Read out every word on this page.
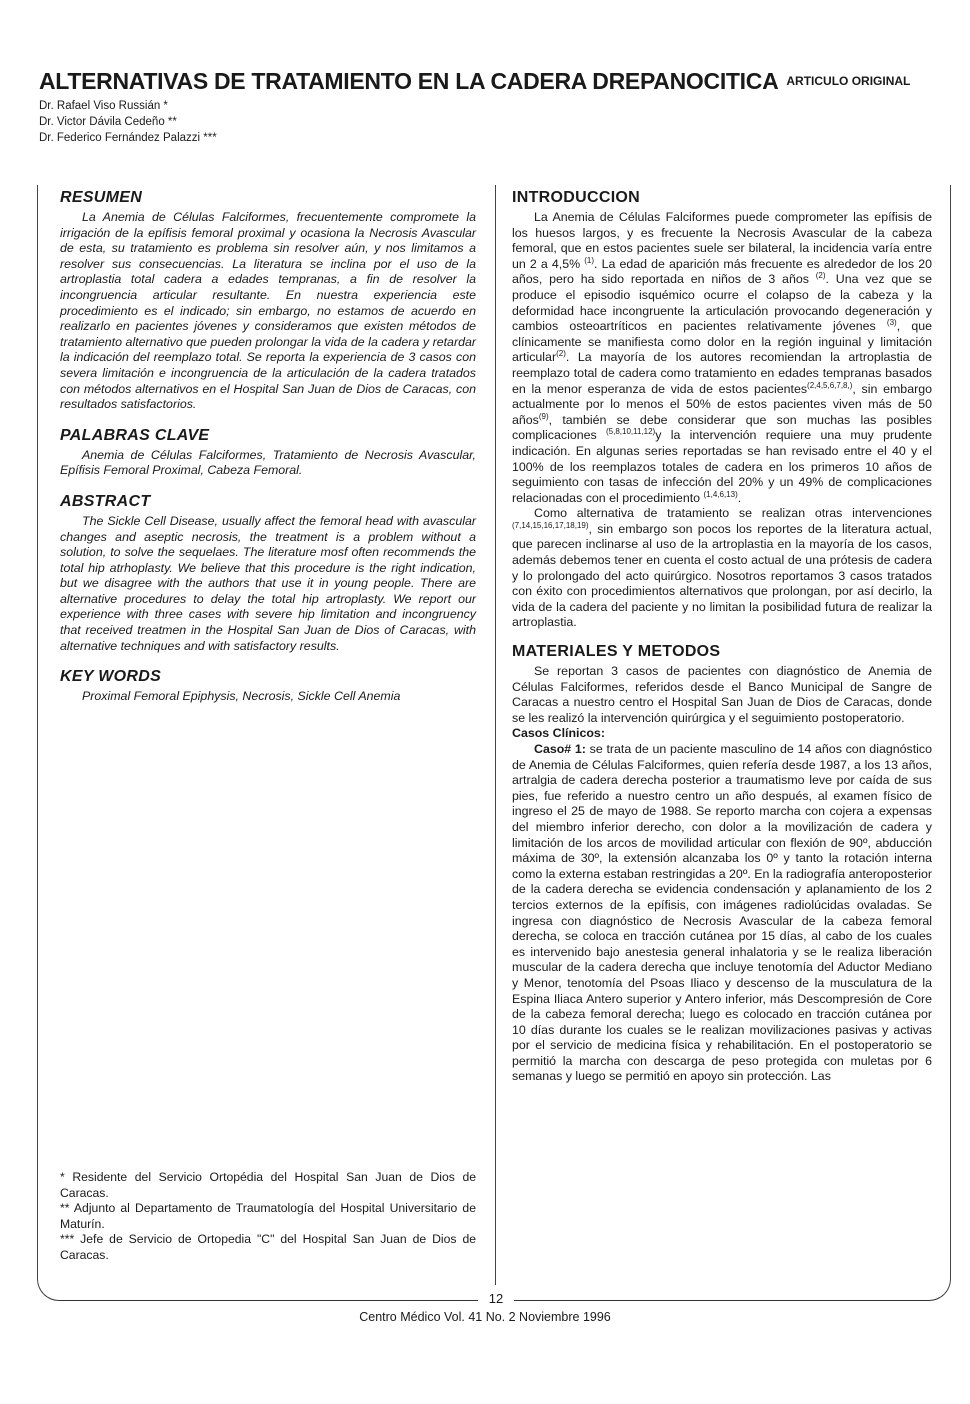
ALTERNATIVAS DE TRATAMIENTO EN LA CADERA DREPANOCITICA ARTICULO ORIGINAL
Dr. Rafael Viso Russián *
Dr. Victor Dávila Cedeño **
Dr. Federico Fernández Palazzi ***
12
RESUMEN

La Anemia de Células Falciformes, frecuentemente compromete la irrigación de la epífisis femoral proximal y ocasiona la Necrosis Avascular de esta, su tratamiento es problema sin resolver aún, y nos limitamos a resolver sus consecuencias. La literatura se inclina por el uso de la artroplastia total cadera a edades tempranas, a fin de resolver la incongruencia articular resultante. En nuestra experiencia este procedimiento es el indicado; sin embargo, no estamos de acuerdo en realizarlo en pacientes jóvenes y consideramos que existen métodos de tratamiento alternativo que pueden prolongar la vida de la cadera y retardar la indicación del reemplazo total. Se reporta la experiencia de 3 casos con severa limitación e incongruencia de la articulación de la cadera tratados con métodos alternativos en el Hospital San Juan de Dios de Caracas, con resultados satisfactorios.

PALABRAS CLAVE

Anemia de Células Falciformes, Tratamiento de Necrosis Avascular, Epífisis Femoral Proximal, Cabeza Femoral.

ABSTRACT

The Sickle Cell Disease, usually affect the femoral head with avascular changes and aseptic necrosis, the treatment is a problem without a solution, to solve the sequelaes. The literature mosf often recommends the total hip atrhoplasty. We believe that this procedure is the right indication, but we disagree with the authors that use it in young people. There are alternative procedures to delay the total hip artroplasty. We report our experience with three cases with severe hip limitation and incongruency that received treatmen in the Hospital San Juan de Dios of Caracas, with alternative techniques and with satisfactory results.

KEY WORDS

Proximal Femoral Epiphysis, Necrosis, Sickle Cell Anemia

* Residente del Servicio Ortopédia del Hospital San Juan de Dios de Caracas.
** Adjunto al Departamento de Traumatología del Hospital Universitario de Maturín.
*** Jefe de Servicio de Ortopedia "C" del Hospital San Juan de Dios de Caracas.
INTRODUCCION

La Anemia de Células Falciformes puede comprometer las epífisis de los huesos largos, y es frecuente la Necrosis Avascular de la cabeza femoral, que en estos pacientes suele ser bilateral, la incidencia varía entre un 2 a 4,5% $^{(1)}$. La edad de aparición más frecuente es alrededor de los 20 años, pero ha sido reportada en niños de 3 años $^{(2)}$. Una vez que se produce el episodio isquémico ocurre el colapso de la cabeza y la deformidad hace incongruente la articulación provocando degeneración y cambios osteoartríticos en pacientes relativamente jóvenes $^{(3)}$, que clínicamente se manifiesta como dolor en la región inguinal y limitación articular$^{(2)}$. La mayoría de los autores recomiendan la artroplastia de reemplazo total de cadera como tratamiento en edades tempranas basados en la menor esperanza de vida de estos pacientes$^{(2,4,5,6,7,8,)}$, sin embargo actualmente por lo menos el 50% de estos pacientes viven más de 50 años$^{(9)}$, también se debe considerar que son muchas las posibles complicaciones $^{(5,8,10,11,12)}$y la intervención requiere una muy prudente indicación. En algunas series reportadas se han revisado entre el 40 y el 100% de los reemplazos totales de cadera en los primeros 10 años de seguimiento con tasas de infección del 20% y un 49% de complicaciones relacionadas con el procedimiento $^{(1,4,6,13)}$.

Como alternativa de tratamiento se realizan otras intervenciones $^{(7,14,15,16,17,18,19)}$, sin embargo son pocos los reportes de la literatura actual, que parecen inclinarse al uso de la artroplastia en la mayoría de los casos, además debemos tener en cuenta el costo actual de una prótesis de cadera y lo prolongado del acto quirúrgico. Nosotros reportamos 3 casos tratados con éxito con procedimientos alternativos que prolongan, por así decirlo, la vida de la cadera del paciente y no limitan la posibilidad futura de realizar la artroplastia.

MATERIALES Y METODOS

Se reportan 3 casos de pacientes con diagnóstico de Anemia de Células Falciformes, referidos desde el Banco Municipal de Sangre de Caracas a nuestro centro el Hospital San Juan de Dios de Caracas, donde se les realizó la intervención quirúrgica y el seguimiento postoperatorio.

Casos Clínicos:

Caso# 1: se trata de un paciente masculino de 14 años con diagnóstico de Anemia de Células Falciformes, quien refería desde 1987, a los 13 años, artralgia de cadera derecha posterior a traumatismo leve por caída de sus pies, fue referido a nuestro centro un año después, al examen físico de ingreso el 25 de mayo de 1988. Se reporto marcha con cojera a expensas del miembro inferior derecho, con dolor a la movilización de cadera y limitación de los arcos de movilidad articular con flexión de 90º, abducción máxima de 30º, la extensión alcanzaba los 0º y tanto la rotación interna como la externa estaban restringidas a 20º. En la radiografía anteroposterior de la cadera derecha se evidencia condensación y aplanamiento de los 2 tercios externos de la epífisis, con imágenes radiolúcidas ovaladas. Se ingresa con diagnóstico de Necrosis Avascular de la cabeza femoral derecha, se coloca en tracción cutánea por 15 días, al cabo de los cuales es intervenido bajo anestesia general inhalatoria y se le realiza liberación muscular de la cadera derecha que incluye tenotomía del Aductor Mediano y Menor, tenotomía del Psoas Iliaco y descenso de la musculatura de la Espina Iliaca Antero superior y Antero inferior, más Descompresión de Core de la cabeza femoral derecha; luego es colocado en tracción cutánea por 10 días durante los cuales se le realizan movilizaciones pasivas y activas por el servicio de medicina física y rehabilitación. En el postoperatorio se permitió la marcha con descarga de peso protegida con muletas por 6 semanas y luego se permitió en apoyo sin protección. Las

Centro Médico Vol. 41 No. 2 Noviembre 1996
